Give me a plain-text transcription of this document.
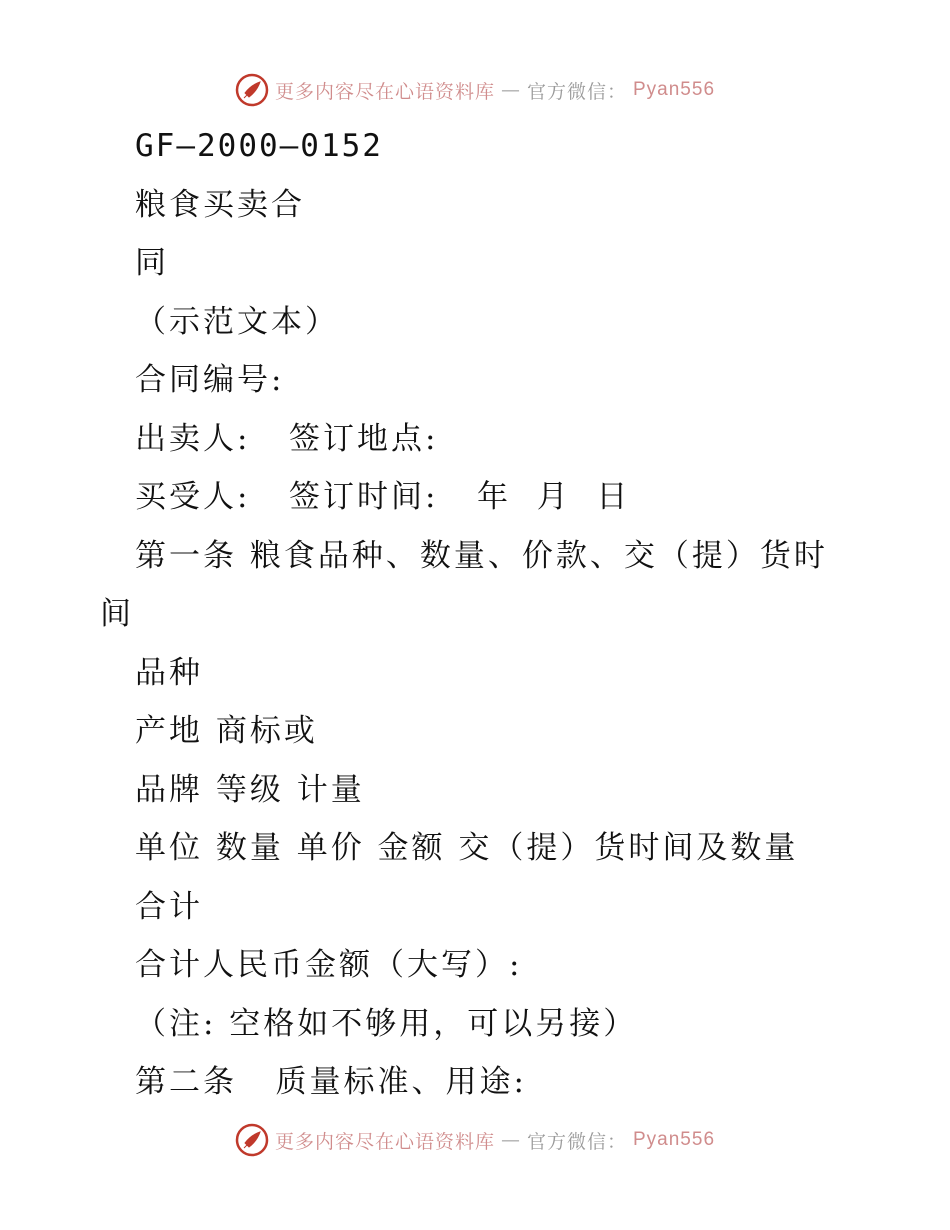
更多内容尽在心语资料库 — 官方微信： Pyan556
GF—2000—0152
粮食买卖合
同
（示范文本）
合同编号:
出卖人:   签订地点:
买受人:   签订时间:   年  月  日
第一条 粮食品种、数量、价款、交（提）货时
间
品种
产地 商标或
品牌 等级 计量
单位 数量 单价 金额 交（提）货时间及数量
合计
合计人民币金额（大写）:
（注: 空格如不够用，可以另接）
第二条   质量标准、用途:
更多内容尽在心语资料库 — 官方微信： Pyan556
